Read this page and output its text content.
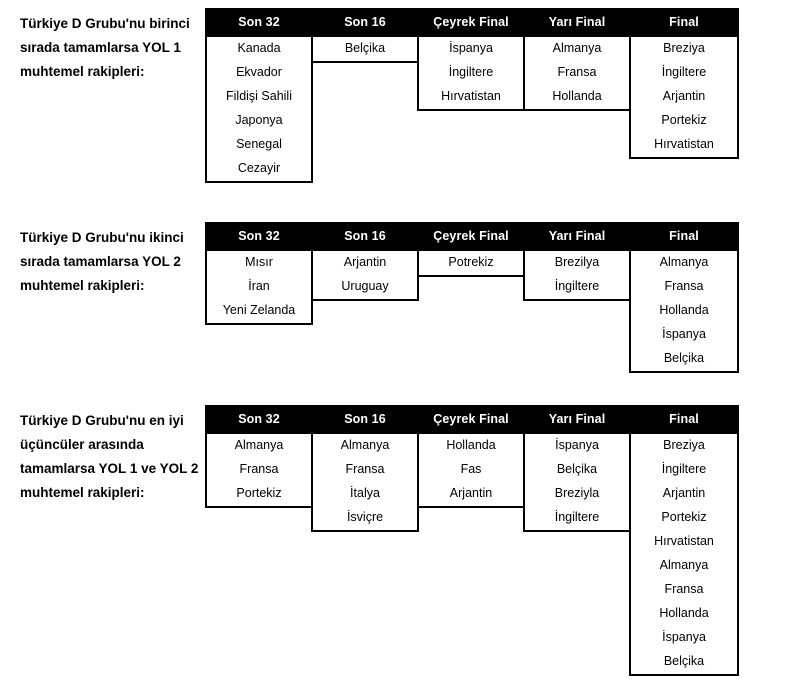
Türkiye D Grubu'nu birinci sırada tamamlarsa YOL 1 muhtemel rakipleri:
Son 32
Kanada
Ekvador
Fildişi Sahili
Japonya
Senegal
Cezayir
Son 16
Belçika
Çeyrek Final
İspanya
İngiltere
Hırvatistan
Yarı Final
Almanya
Fransa
Hollanda
Final
Breziya
İngiltere
Arjantin
Portekiz
Hırvatistan
Türkiye D Grubu'nu ikinci sırada tamamlarsa YOL 2 muhtemel rakipleri:
Son 32
Mısır
İran
Yeni Zelanda
Son 16
Arjantin
Uruguay
Çeyrek Final
Potrekiz
Yarı Final
Brezilya
İngiltere
Final
Almanya
Fransa
Hollanda
İspanya
Belçika
Türkiye D Grubu'nu en iyi üçüncüler arasında tamamlarsa YOL 1 ve YOL 2 muhtemel rakipleri:
Son 32
Almanya
Fransa
Portekiz
Son 16
Almanya
Fransa
İtalya
İsviçre
Çeyrek Final
Hollanda
Fas
Arjantin
Yarı Final
İspanya
Belçika
Breziyla
İngiltere
Final
Breziya
İngiltere
Arjantin
Portekiz
Hırvatistan
Almanya
Fransa
Hollanda
İspanya
Belçika
